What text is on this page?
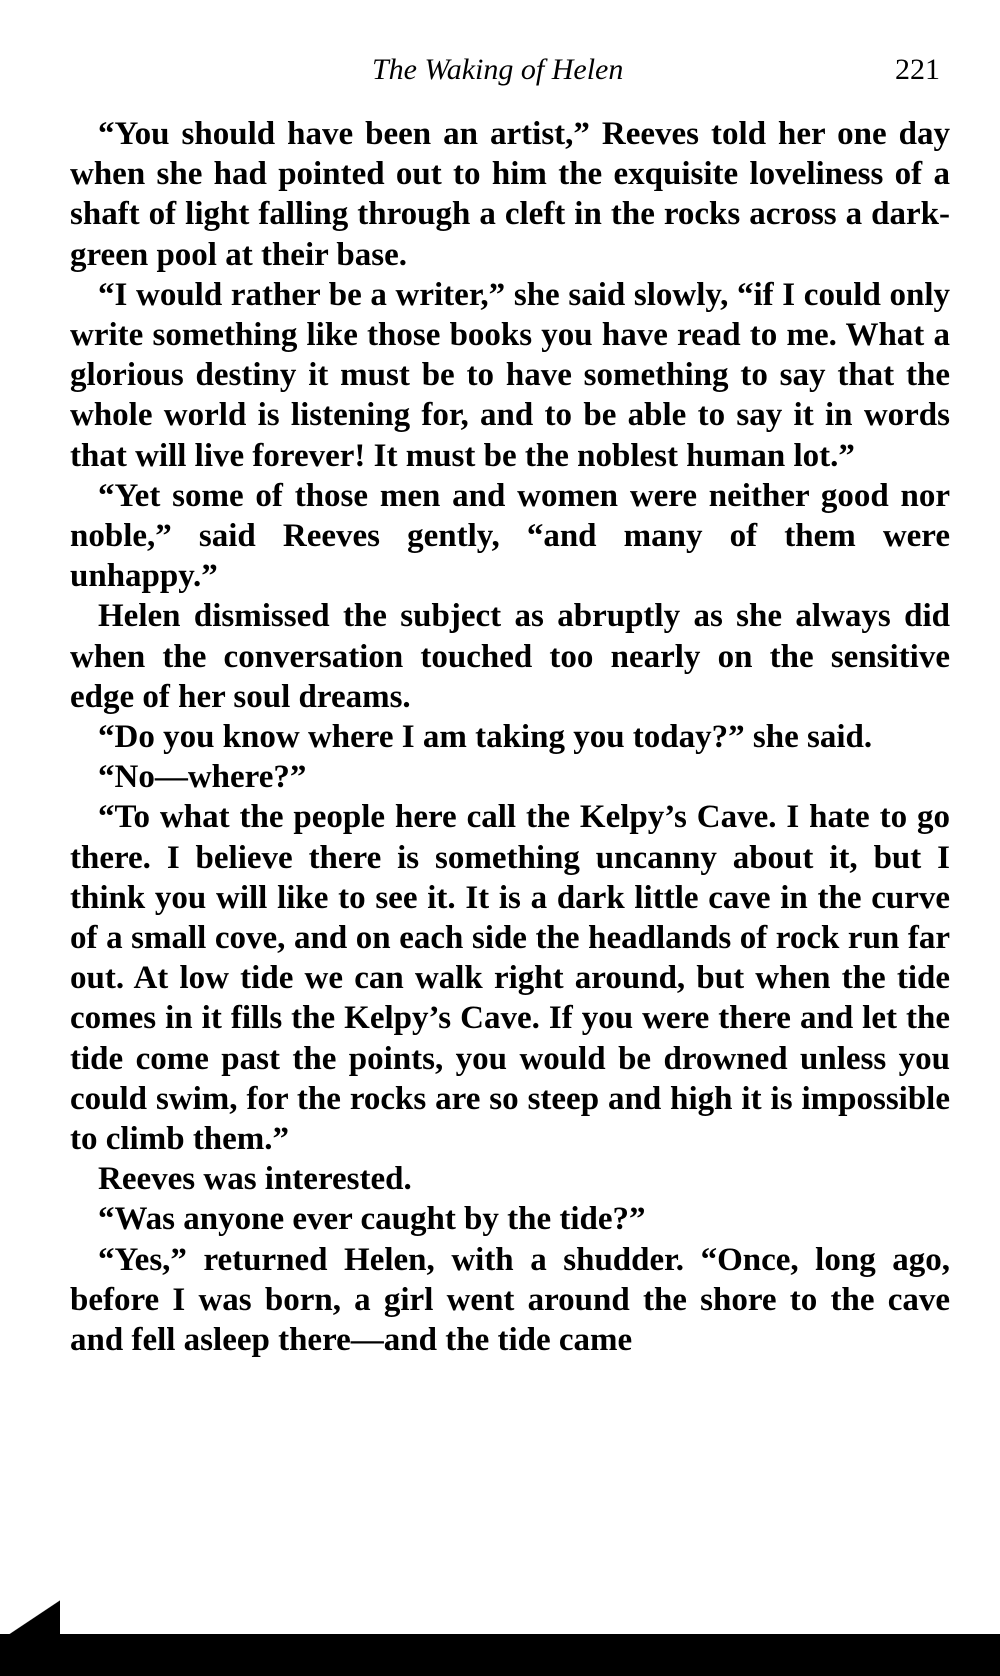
The Waking of Helen	221

“You should have been an artist,” Reeves told her one day when she had pointed out to him the exquisite loveliness of a shaft of light falling through a cleft in the rocks across a dark-green pool at their base.

“I would rather be a writer,” she said slowly, “if I could only write something like those books you have read to me. What a glorious destiny it must be to have something to say that the whole world is listening for, and to be able to say it in words that will live forever! It must be the noblest human lot.”

“Yet some of those men and women were neither good nor noble,” said Reeves gently, “and many of them were unhappy.”

Helen dismissed the subject as abruptly as she always did when the conversation touched too nearly on the sensitive edge of her soul dreams.

“Do you know where I am taking you today?” she said.

“No—where?”

“To what the people here call the Kelpy’s Cave. I hate to go there. I believe there is something uncanny about it, but I think you will like to see it. It is a dark little cave in the curve of a small cove, and on each side the headlands of rock run far out. At low tide we can walk right around, but when the tide comes in it fills the Kelpy’s Cave. If you were there and let the tide come past the points, you would be drowned unless you could swim, for the rocks are so steep and high it is impossible to climb them.”

Reeves was interested.

“Was anyone ever caught by the tide?”

“Yes,” returned Helen, with a shudder. “Once, long ago, before I was born, a girl went around the shore to the cave and fell asleep there—and the tide came
